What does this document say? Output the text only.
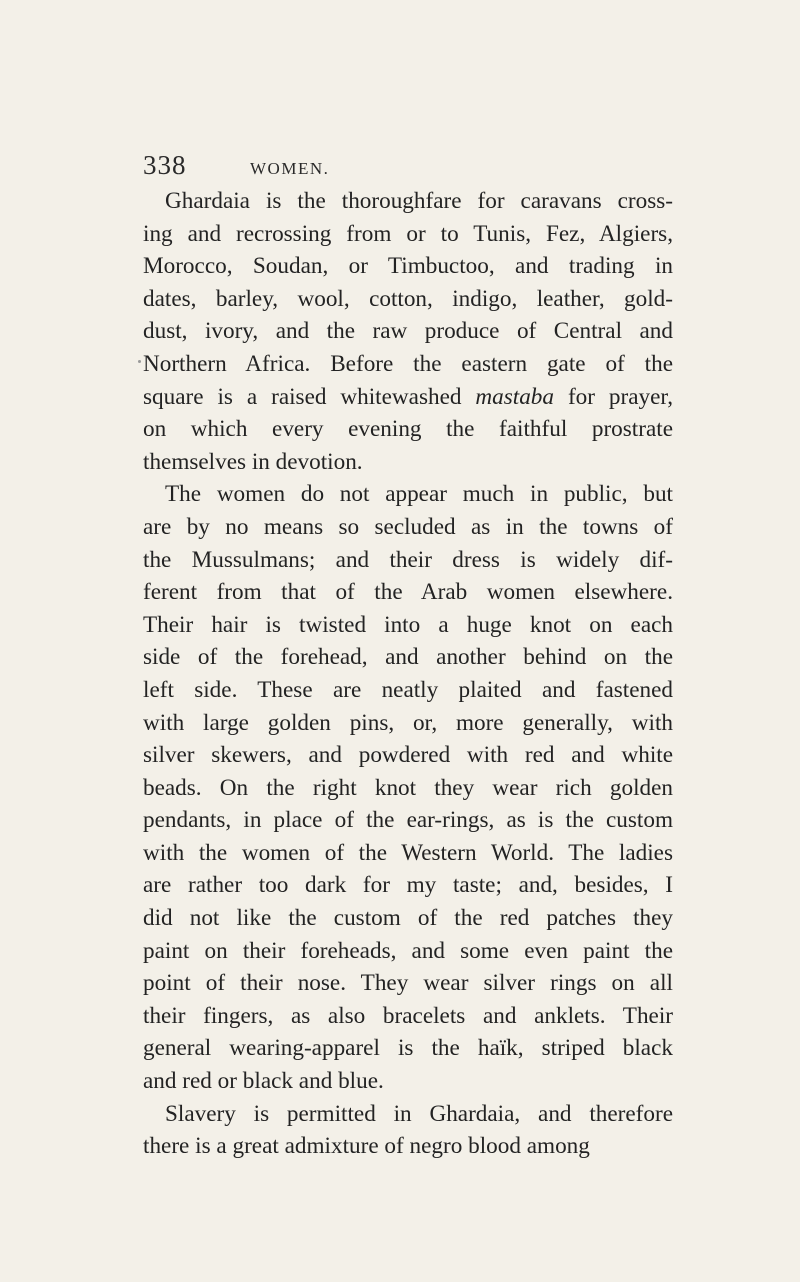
338	WOMEN.
Ghardaia is the thoroughfare for caravans cross-
ing and recrossing from or to Tunis, Fez, Algiers,
Morocco, Soudan, or Timbuctoo, and trading in
dates, barley, wool, cotton, indigo, leather, gold-
dust, ivory, and the raw produce of Central and
Northern Africa. Before the eastern gate of the
square is a raised whitewashed mastaba for prayer,
on which every evening the faithful prostrate
themselves in devotion.
The women do not appear much in public, but
are by no means so secluded as in the towns of
the Mussulmans; and their dress is widely dif-
ferent from that of the Arab women elsewhere.
Their hair is twisted into a huge knot on each
side of the forehead, and another behind on the
left side. These are neatly plaited and fastened
with large golden pins, or, more generally, with
silver skewers, and powdered with red and white
beads. On the right knot they wear rich golden
pendants, in place of the ear-rings, as is the custom
with the women of the Western World. The ladies
are rather too dark for my taste; and, besides, I
did not like the custom of the red patches they
paint on their foreheads, and some even paint the
point of their nose. They wear silver rings on all
their fingers, as also bracelets and anklets. Their
general wearing-apparel is the haïk, striped black
and red or black and blue.
Slavery is permitted in Ghardaia, and therefore
there is a great admixture of negro blood among
